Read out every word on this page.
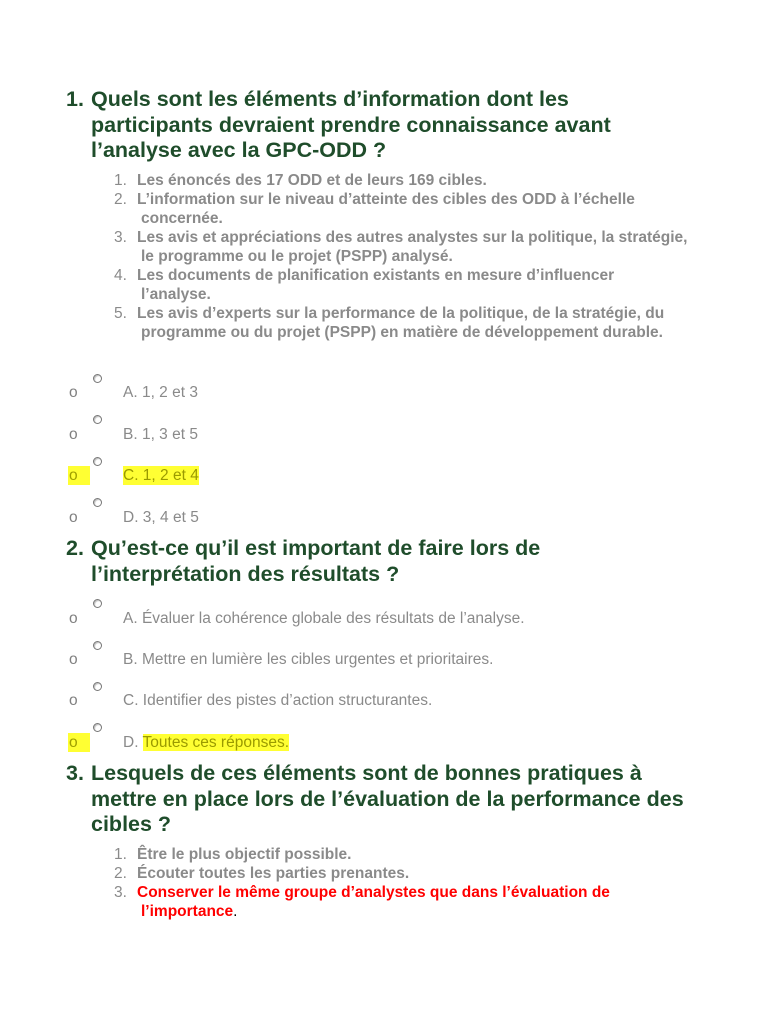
1. Quels sont les éléments d’information dont les participants devraient prendre connaissance avant l’analyse avec la GPC-ODD ?
1. Les énoncés des 17 ODD et de leurs 169 cibles.
2. L’information sur le niveau d’atteinte des cibles des ODD à l’échelle concernée.
3. Les avis et appréciations des autres analystes sur la politique, la stratégie, le programme ou le projet (PSPP) analysé.
4. Les documents de planification existants en mesure d’influencer l’analyse.
5. Les avis d’experts sur la performance de la politique, de la stratégie, du programme ou du projet (PSPP) en matière de développement durable.
o	A. 1, 2 et 3
o	B. 1, 3 et 5
o	C. 1, 2 et 4
o	D. 3, 4 et 5
2. Qu’est-ce qu’il est important de faire lors de l’interprétation des résultats ?
o	A. Évaluer la cohérence globale des résultats de l’analyse.
o	B. Mettre en lumière les cibles urgentes et prioritaires.
o	C. Identifier des pistes d’action structurantes.
o	D. Toutes ces réponses.
3. Lesquels de ces éléments sont de bonnes pratiques à mettre en place lors de l’évaluation de la performance des cibles ?
1. Être le plus objectif possible.
2. Écouter toutes les parties prenantes.
3. Conserver le même groupe d’analystes que dans l’évaluation de l’importance.
